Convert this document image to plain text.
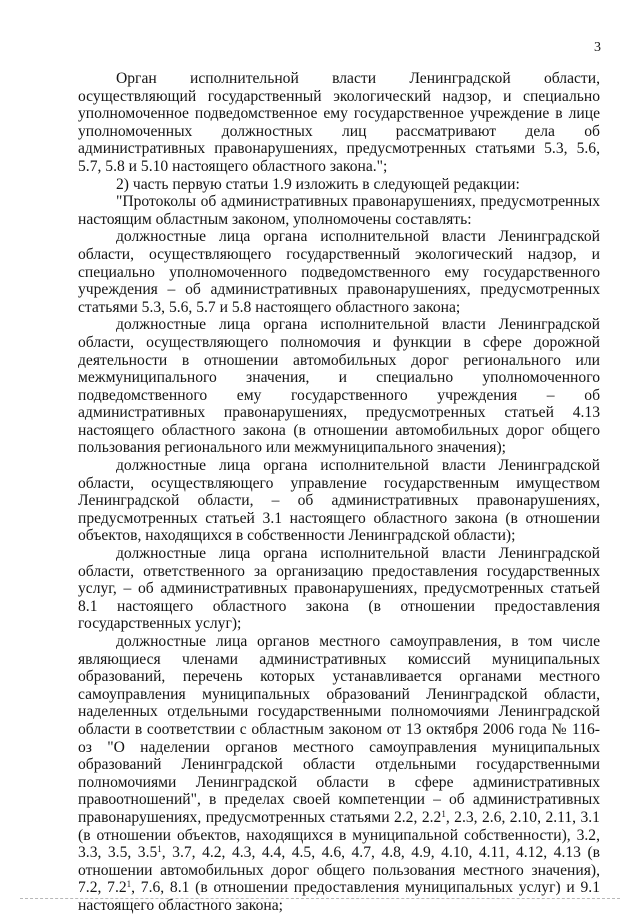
3

Орган исполнительной власти Ленинградской области, осуществляющий государственный экологический надзор, и специально уполномоченное подведомственное ему государственное учреждение в лице уполномоченных должностных лиц рассматривают дела об административных правонарушениях, предусмотренных статьями 5.3, 5.6, 5.7, 5.8 и 5.10 настоящего областного закона.";

2) часть первую статьи 1.9 изложить в следующей редакции:

"Протоколы об административных правонарушениях, предусмотренных настоящим областным законом, уполномочены составлять:

должностные лица органа исполнительной власти Ленинградской области, осуществляющего государственный экологический надзор, и специально уполномоченного подведомственного ему государственного учреждения – об административных правонарушениях, предусмотренных статьями 5.3, 5.6, 5.7 и 5.8 настоящего областного закона;

должностные лица органа исполнительной власти Ленинградской области, осуществляющего полномочия и функции в сфере дорожной деятельности в отношении автомобильных дорог регионального или межмуниципального значения, и специально уполномоченного подведомственного ему государственного учреждения – об административных правонарушениях, предусмотренных статьей 4.13 настоящего областного закона (в отношении автомобильных дорог общего пользования регионального или межмуниципального значения);

должностные лица органа исполнительной власти Ленинградской области, осуществляющего управление государственным имуществом Ленинградской области, – об административных правонарушениях, предусмотренных статьей 3.1 настоящего областного закона (в отношении объектов, находящихся в собственности Ленинградской области);

должностные лица органа исполнительной власти Ленинградской области, ответственного за организацию предоставления государственных услуг, – об административных правонарушениях, предусмотренных статьей 8.1 настоящего областного закона (в отношении предоставления государственных услуг);

должностные лица органов местного самоуправления, в том числе являющиеся членами административных комиссий муниципальных образований, перечень которых устанавливается органами местного самоуправления муниципальных образований Ленинградской области, наделенных отдельными государственными полномочиями Ленинградской области в соответствии с областным законом от 13 октября 2006 года № 116-оз "О наделении органов местного самоуправления муниципальных образований Ленинградской области отдельными государственными полномочиями Ленинградской области в сфере административных правоотношений", в пределах своей компетенции – об административных правонарушениях, предусмотренных статьями 2.2, $2.2^1$, 2.3, 2.6, 2.10, 2.11, 3.1 (в отношении объектов, находящихся в муниципальной собственности), 3.2, 3.3, 3.5, $3.5^1$, 3.7, 4.2, 4.3, 4.4, 4.5, 4.6, 4.7, 4.8, 4.9, 4.10, 4.11, 4.12, 4.13 (в отношении автомобильных дорог общего пользования местного значения), 7.2, $7.2^1$, 7.6, 8.1 (в отношении предоставления муниципальных услуг) и 9.1 настоящего областного закона;
